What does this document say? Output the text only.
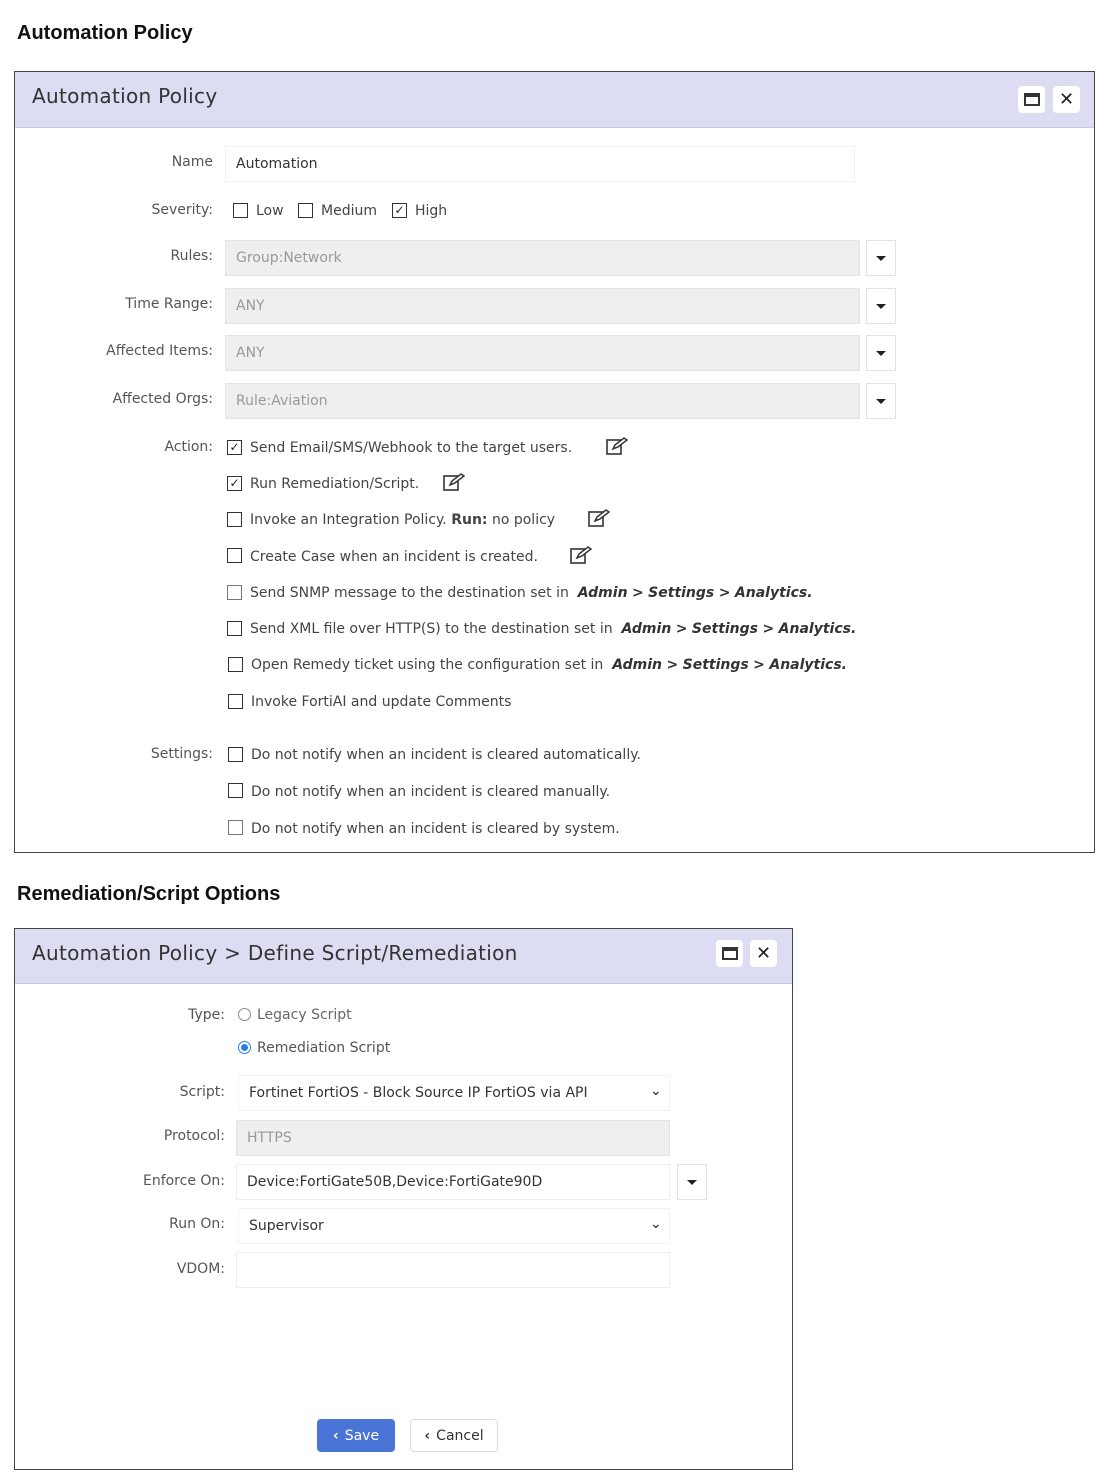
Automation Policy
Automation Policy	✕
Name	Automation
Severity:	Low	Medium ✓ High
Rules:	Group:Network
Time Range:	ANY
Affected Items:	ANY
Affected Orgs:	Rule:Aviation
Action: ✓ Send Email/SMS/Webhook to the target users.
✓ Run Remediation/Script.
Invoke an Integration Policy. Run: no policy
Create Case when an incident is created.
Send SNMP message to the destination set in Admin > Settings > Analytics.
Send XML file over HTTP(S) to the destination set in Admin > Settings > Analytics.
Open Remedy ticket using the configuration set in Admin > Settings > Analytics.
Invoke FortiAI and update Comments
Settings:	Do not notify when an incident is cleared automatically.
Do not notify when an incident is cleared manually.
Do not notify when an incident is cleared by system.
Remediation/Script Options
Automation Policy > Define Script/Remediation	✕
Type: Legacy Script
Remediation Script
Script:	Fortinet FortiOS - Block Source IP FortiOS via API	⌄
Protocol:	HTTPS
Enforce On:	Device:FortiGate50B,Device:FortiGate90D
Run On:	Supervisor	⌄
VDOM:
‹ Save	‹ Cancel
